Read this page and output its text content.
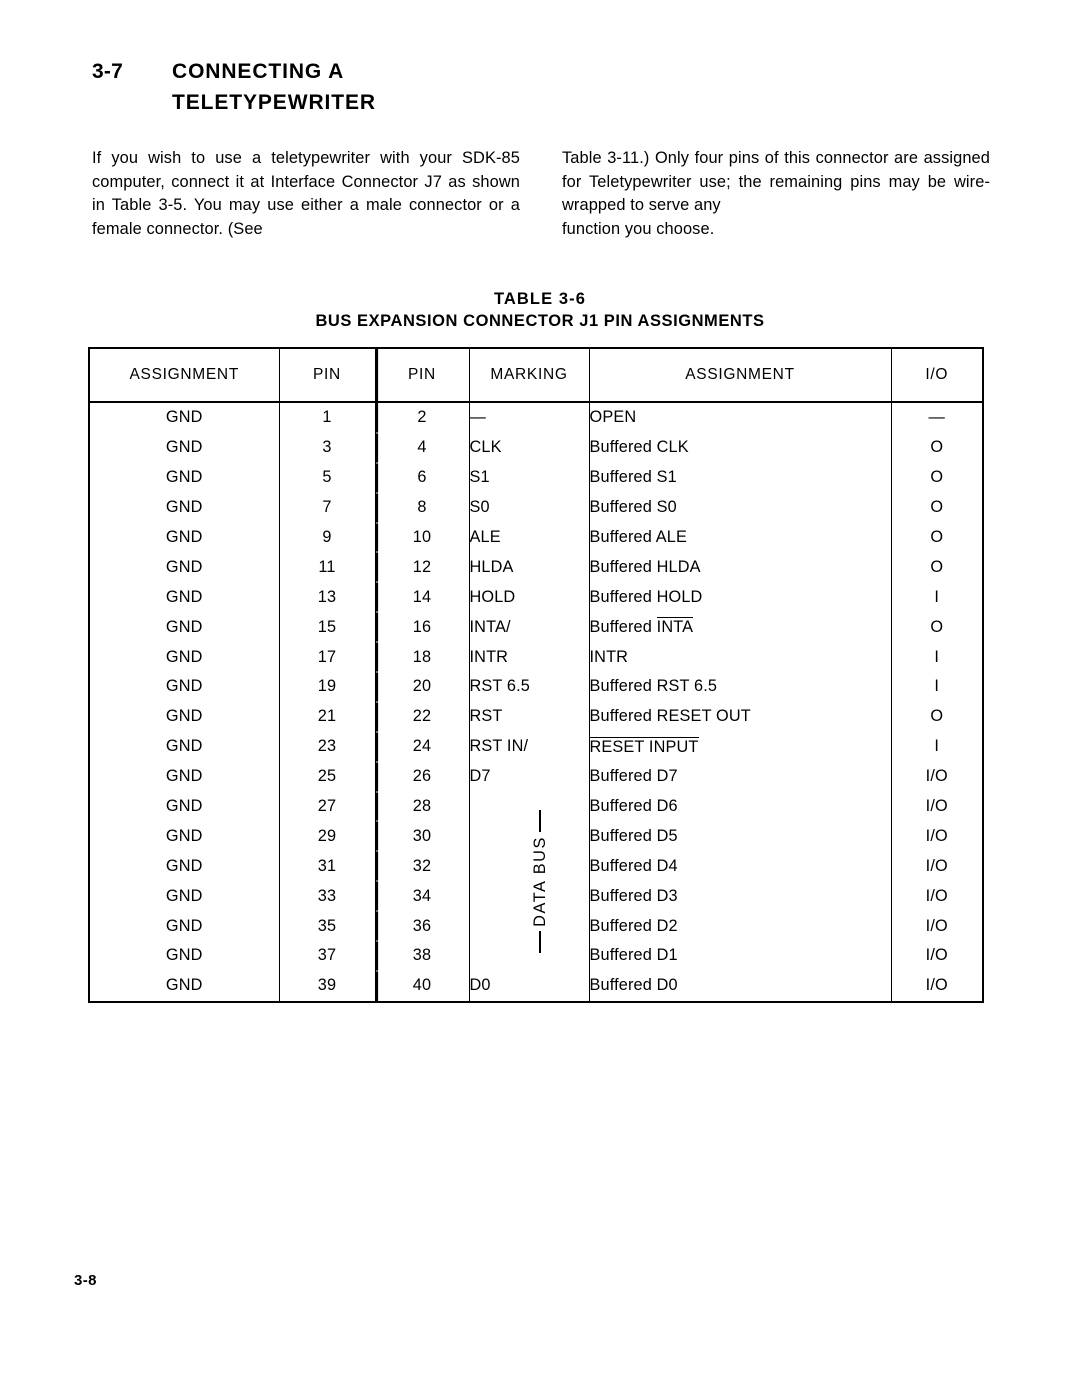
3-7	CONNECTING A
TELETYPEWRITER

If you wish to use a teletypewriter with your SDK-85 computer, connect it at Interface Connector J7 as shown in Table 3-5. You may use either a male connector or a female connector. (See

Table 3-11.) Only four pins of this connector are assigned for Teletypewriter use; the remaining pins may be wire-wrapped to serve any

function you choose.

TABLE 3-6
BUS EXPANSION CONNECTOR J1 PIN ASSIGNMENTS
ASSIGNMENT	PIN	PIN	MARKING	ASSIGNMENT	I/O
GND	1	2	—	OPEN	—
GND	3	4	CLK	Buffered CLK	O
GND	5	6	S1	Buffered S1	O
GND	7	8	S0	Buffered S0	O
GND	9	10	ALE	Buffered ALE	O
GND	11	12	HLDA	Buffered HLDA	O
GND	13	14	HOLD	Buffered HOLD	I
GND	15	16	INTA/	Buffered INTA	O
GND	17	18	INTR	INTR	I
GND	19	20	RST 6.5	Buffered RST 6.5	I
GND	21	22	RST	Buffered RESET OUT	O
GND	23	24	RST IN/	RESET INPUT	I
GND	25	26	D7	Buffered D7	I/O
GND	27	28	DATA BUS	Buffered D6	I/O
GND	29	30		Buffered D5	I/O
GND	31	32		Buffered D4	I/O
GND	33	34		Buffered D3	I/O
GND	35	36		Buffered D2	I/O
GND	37	38		Buffered D1	I/O
GND	39	40	D0	Buffered D0	I/O
3-8
